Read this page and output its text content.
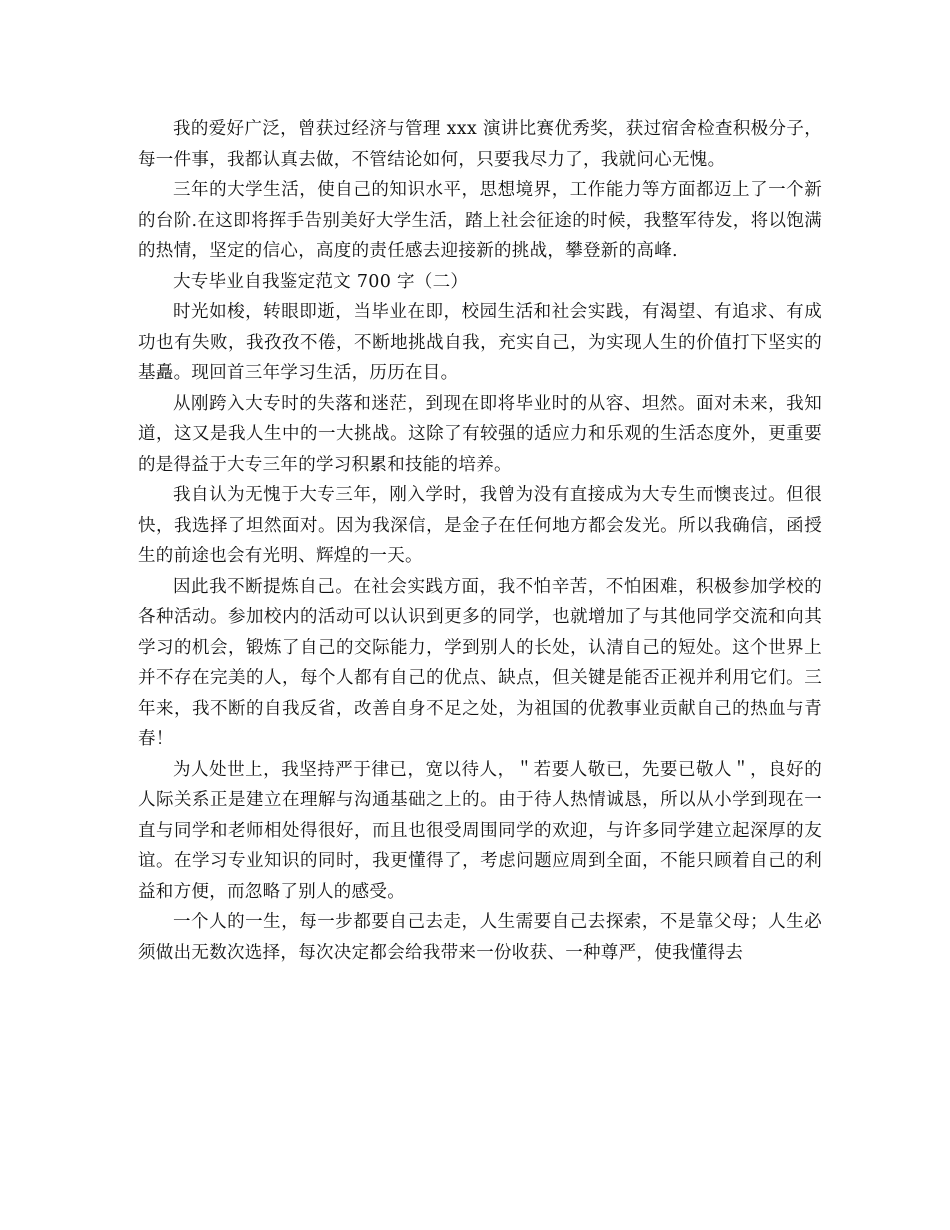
我的爱好广泛，曾获过经济与管理 xxx 演讲比赛优秀奖，获过宿舍检查积极分子，每一件事，我都认真去做，不管结论如何，只要我尽力了，我就问心无愧。

三年的大学生活，使自己的知识水平，思想境界，工作能力等方面都迈上了一个新的台阶.在这即将挥手告别美好大学生活，踏上社会征途的时候，我整军待发，将以饱满的热情，坚定的信心，高度的责任感去迎接新的挑战，攀登新的高峰.

大专毕业自我鉴定范文 700 字（二）

时光如梭，转眼即逝，当毕业在即，校园生活和社会实践，有渴望、有追求、有成功也有失败，我孜孜不倦，不断地挑战自我，充实自己，为实现人生的价值打下坚实的基矗。现回首三年学习生活，历历在目。

从刚跨入大专时的失落和迷茫，到现在即将毕业时的从容、坦然。面对未来，我知道，这又是我人生中的一大挑战。这除了有较强的适应力和乐观的生活态度外，更重要的是得益于大专三年的学习积累和技能的培养。

我自认为无愧于大专三年，刚入学时，我曾为没有直接成为大专生而懊丧过。但很快，我选择了坦然面对。因为我深信，是金子在任何地方都会发光。所以我确信，函授生的前途也会有光明、辉煌的一天。

因此我不断提炼自己。在社会实践方面，我不怕辛苦，不怕困难，积极参加学校的各种活动。参加校内的活动可以认识到更多的同学，也就增加了与其他同学交流和向其学习的机会，锻炼了自己的交际能力，学到别人的长处，认清自己的短处。这个世界上并不存在完美的人，每个人都有自己的优点、缺点，但关键是能否正视并利用它们。三年来，我不断的自我反省，改善自身不足之处，为祖国的优教事业贡献自己的热血与青春！

为人处世上，我坚持严于律已，宽以待人，＂若要人敬已，先要已敬人＂，良好的人际关系正是建立在理解与沟通基础之上的。由于待人热情诚恳，所以从小学到现在一直与同学和老师相处得很好，而且也很受周围同学的欢迎，与许多同学建立起深厚的友谊。在学习专业知识的同时，我更懂得了，考虑问题应周到全面，不能只顾着自己的利益和方便，而忽略了别人的感受。

一个人的一生，每一步都要自己去走，人生需要自己去探索，不是靠父母；人生必须做出无数次选择，每次决定都会给我带来一份收获、一种尊严，使我懂得去
